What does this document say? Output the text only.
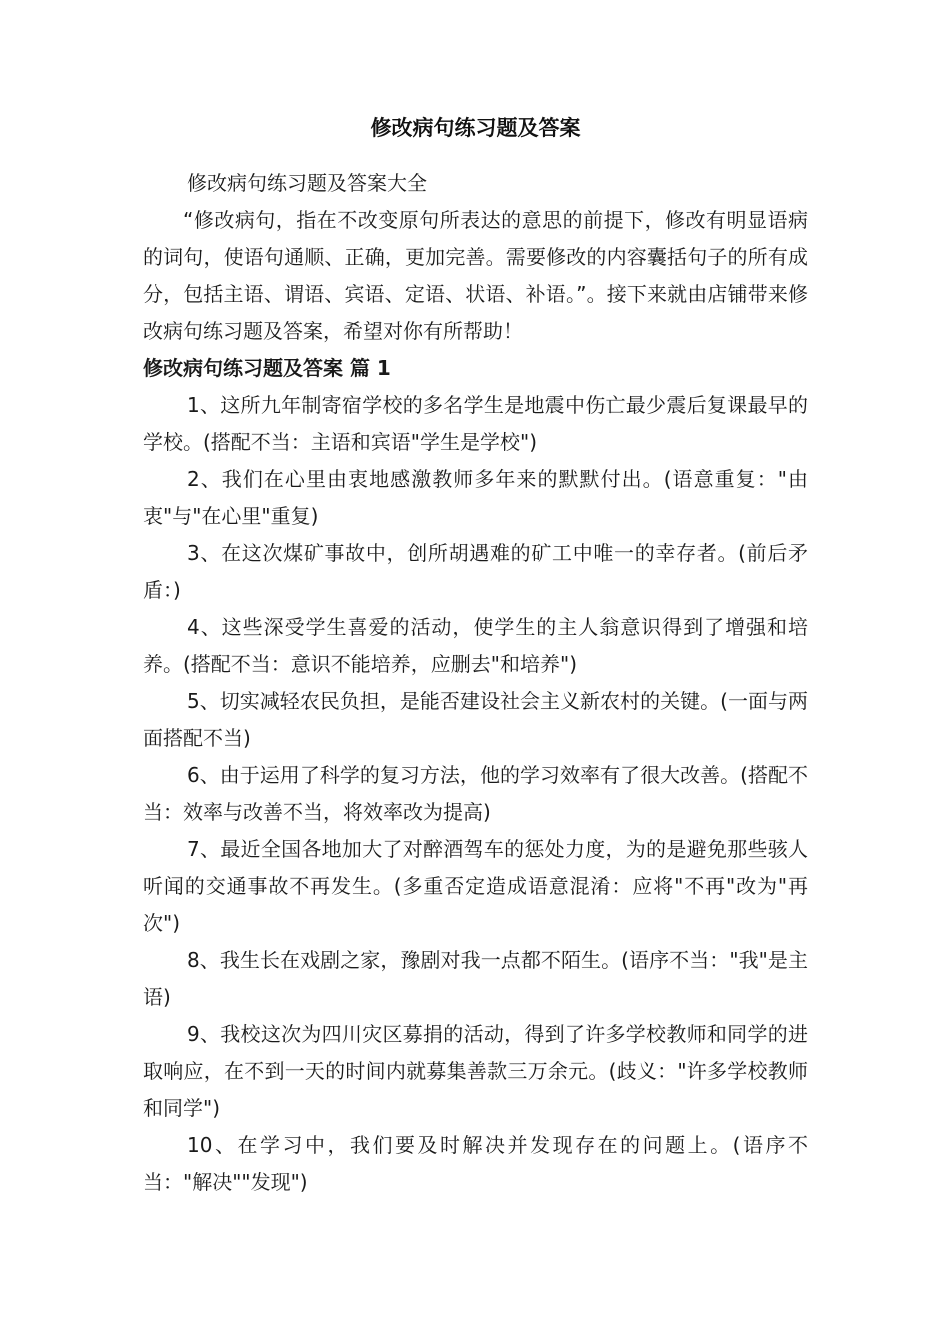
修改病句练习题及答案

修改病句练习题及答案大全

“修改病句，指在不改变原句所表达的意思的前提下，修改有明显语病的词句，使语句通顺、正确，更加完善。需要修改的内容囊括句子的所有成分，包括主语、谓语、宾语、定语、状语、补语。”。接下来就由店铺带来修改病句练习题及答案，希望对你有所帮助！

修改病句练习题及答案 篇 1

1、这所九年制寄宿学校的多名学生是地震中伤亡最少震后复课最早的学校。(搭配不当：主语和宾语"学生是学校")

2、我们在心里由衷地感激教师多年来的默默付出。(语意重复："由衷"与"在心里"重复)

3、在这次煤矿事故中，创所胡遇难的矿工中唯一的幸存者。(前后矛盾：)

4、这些深受学生喜爱的活动，使学生的主人翁意识得到了增强和培养。(搭配不当：意识不能培养，应删去"和培养")

5、切实减轻农民负担，是能否建设社会主义新农村的关键。(一面与两面搭配不当)

6、由于运用了科学的复习方法，他的学习效率有了很大改善。(搭配不当：效率与改善不当，将效率改为提高)

7、最近全国各地加大了对醉酒驾车的惩处力度，为的是避免那些骇人听闻的交通事故不再发生。(多重否定造成语意混淆：应将"不再"改为"再次")

8、我生长在戏剧之家，豫剧对我一点都不陌生。(语序不当："我"是主语)

9、我校这次为四川灾区募捐的活动，得到了许多学校教师和同学的进取响应，在不到一天的时间内就募集善款三万余元。(歧义："许多学校教师和同学")

10、在学习中，我们要及时解决并发现存在的问题上。(语序不当："解决""发现")
